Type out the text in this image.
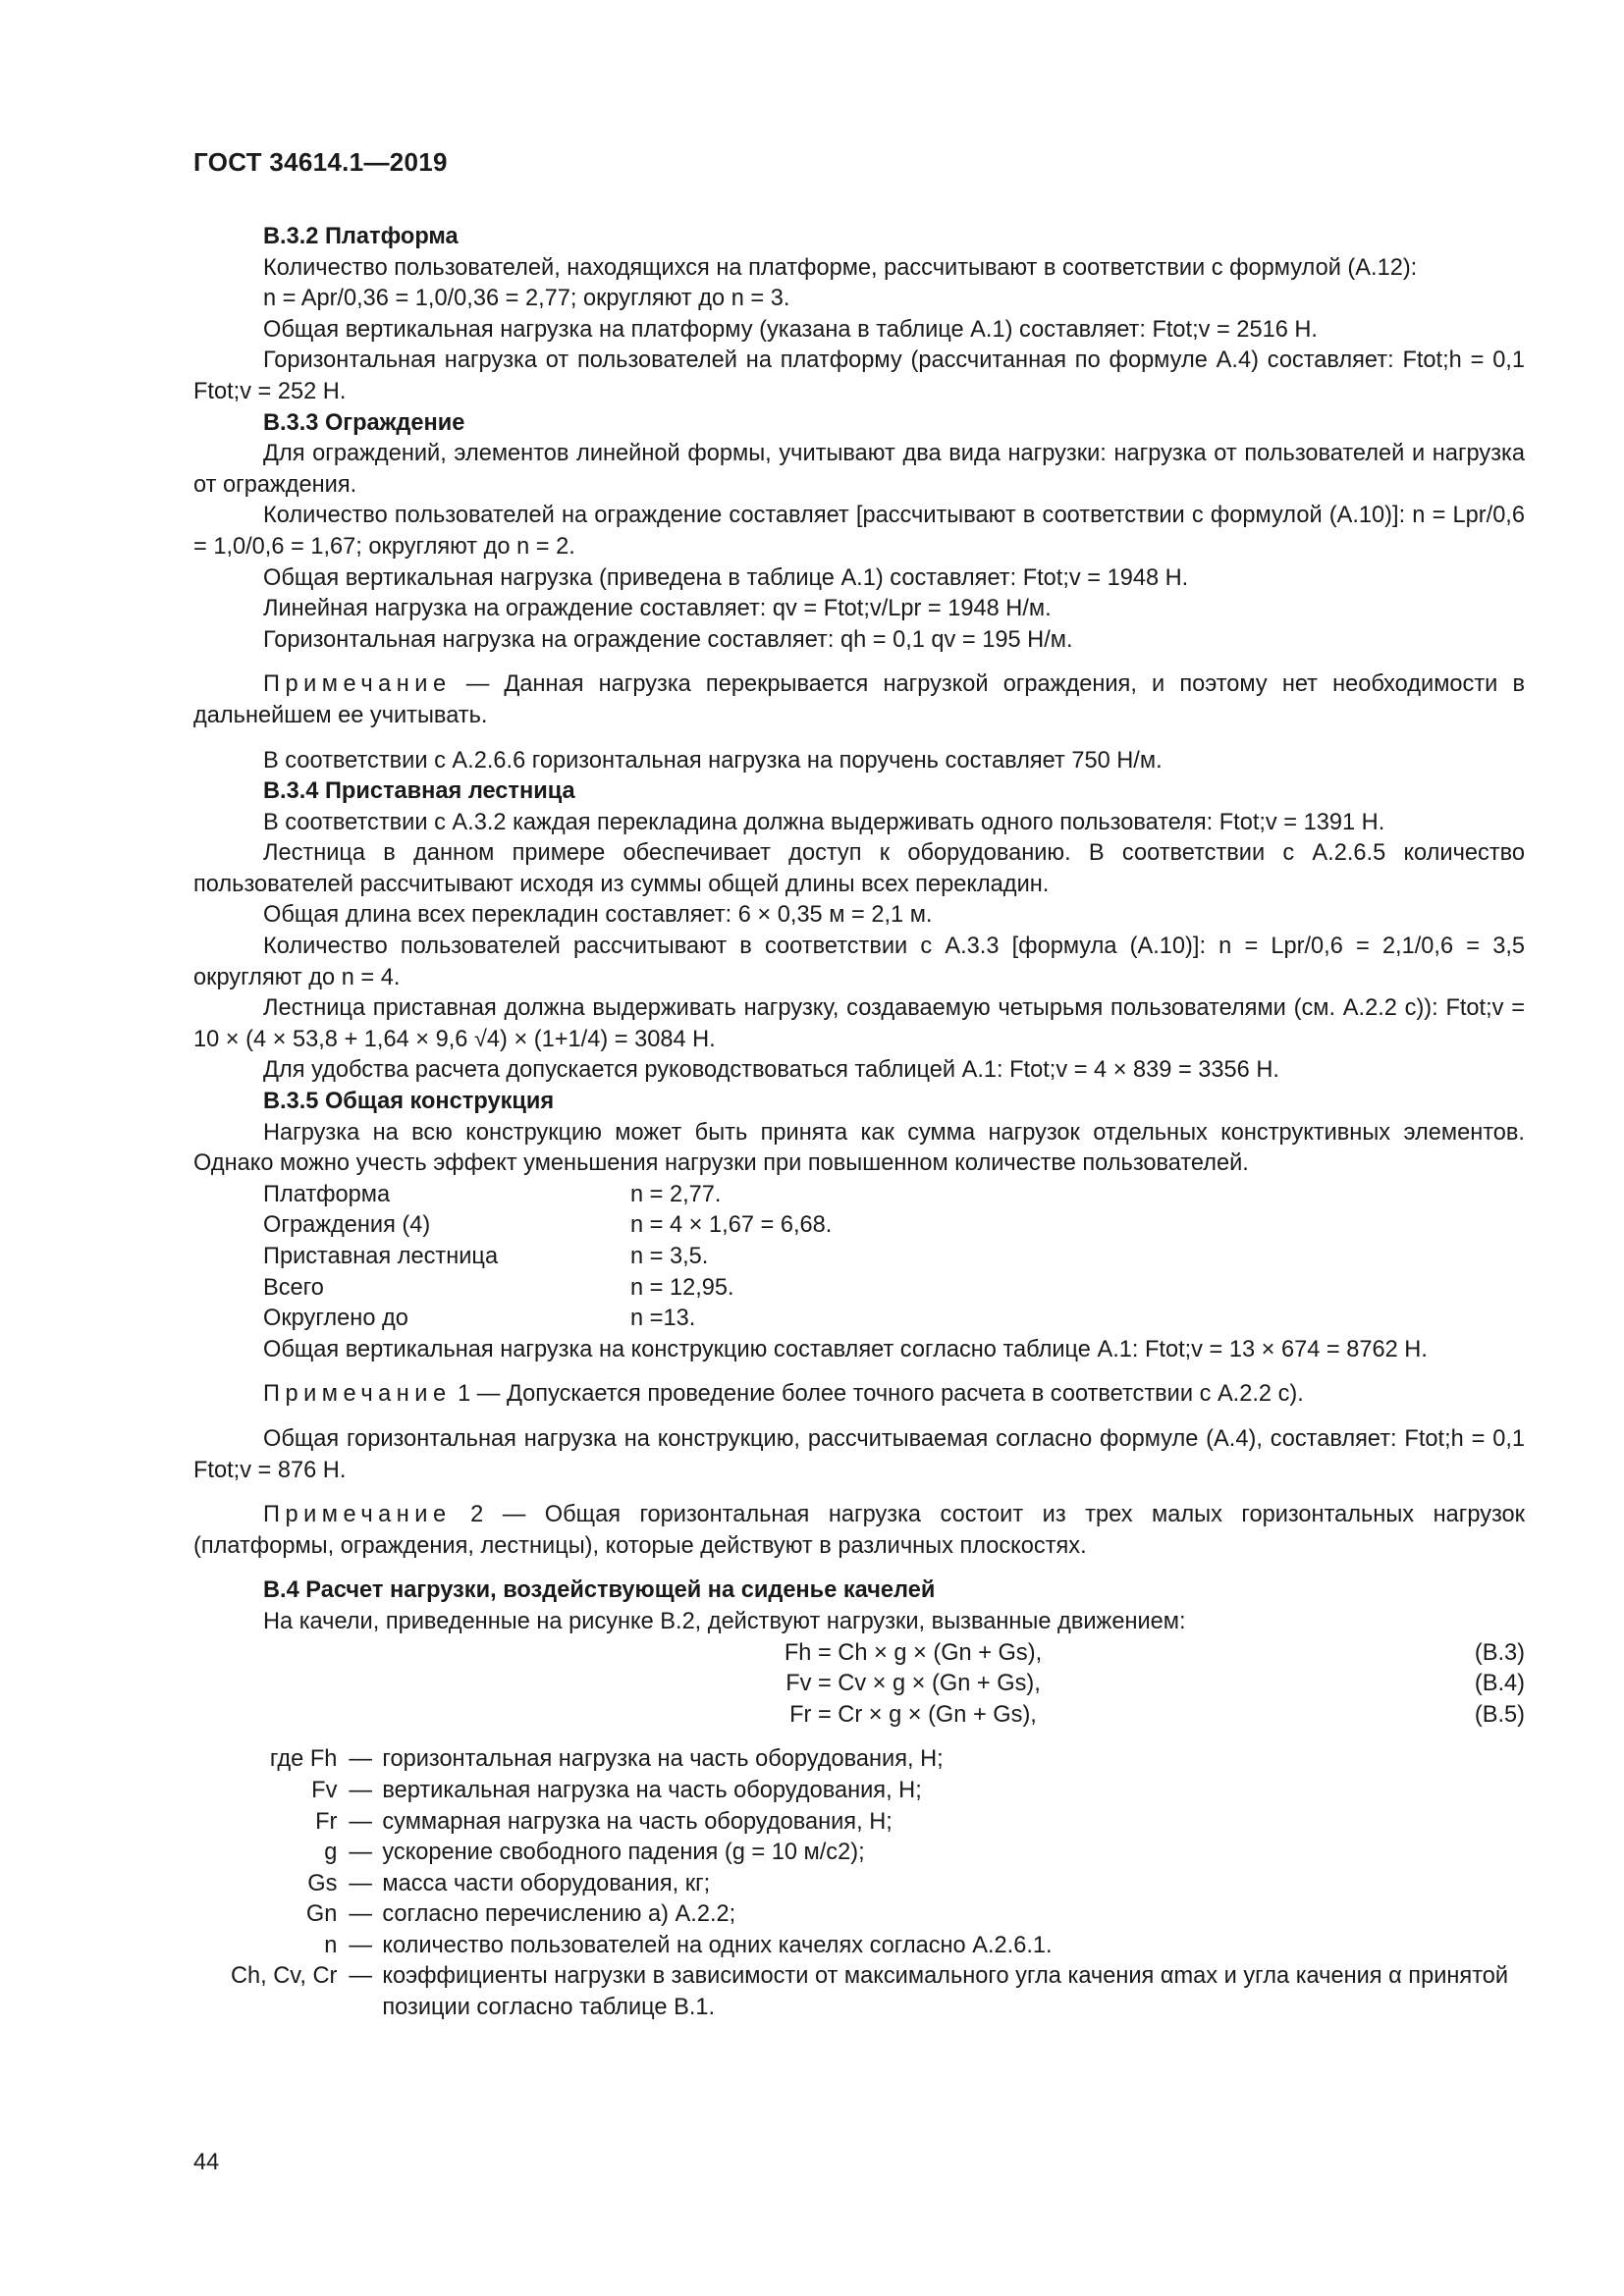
ГОСТ 34614.1—2019

В.3.2 Платформа

Количество пользователей, находящихся на платформе, рассчитывают в соответствии с формулой (А.12):

n = Apr/0,36 = 1,0/0,36 = 2,77; округляют до n = 3.

Общая вертикальная нагрузка на платформу (указана в таблице А.1) составляет: Ftot;v = 2516 Н.

Горизонтальная нагрузка от пользователей на платформу (рассчитанная по формуле А.4) составляет: Ftot;h = 0,1 Ftot;v = 252 Н.

В.3.3 Ограждение

Для ограждений, элементов линейной формы, учитывают два вида нагрузки: нагрузка от пользователей и нагрузка от ограждения.

Количество пользователей на ограждение составляет [рассчитывают в соответствии с формулой (А.10)]: n = Lpr/0,6 = 1,0/0,6 = 1,67; округляют до n = 2.

Общая вертикальная нагрузка (приведена в таблице А.1) составляет: Ftot;v = 1948 Н.

Линейная нагрузка на ограждение составляет: qv = Ftot;v/Lpr = 1948 Н/м.

Горизонтальная нагрузка на ограждение составляет: qh = 0,1 qv = 195 Н/м.

Примечание — Данная нагрузка перекрывается нагрузкой ограждения, и поэтому нет необходимости в дальнейшем ее учитывать.

В соответствии с А.2.6.6 горизонтальная нагрузка на поручень составляет 750 Н/м.

В.3.4 Приставная лестница

В соответствии с А.3.2 каждая перекладина должна выдерживать одного пользователя: Ftot;v = 1391 Н.

Лестница в данном примере обеспечивает доступ к оборудованию. В соответствии с А.2.6.5 количество пользователей рассчитывают исходя из суммы общей длины всех перекладин.

Общая длина всех перекладин составляет: 6 × 0,35 м = 2,1 м.

Количество пользователей рассчитывают в соответствии с А.3.3 [формула (А.10)]: n = Lpr/0,6 = 2,1/0,6 = 3,5 округляют до n = 4.

Лестница приставная должна выдерживать нагрузку, создаваемую четырьмя пользователями (см. А.2.2 c)): Ftot;v = 10 × (4 × 53,8 + 1,64 × 9,6 √4) × (1+1/4) = 3084 Н.

Для удобства расчета допускается руководствоваться таблицей А.1: Ftot;v = 4 × 839 = 3356 Н.

В.3.5 Общая конструкция

Нагрузка на всю конструкцию может быть принята как сумма нагрузок отдельных конструктивных элементов. Однако можно учесть эффект уменьшения нагрузки при повышенном количестве пользователей.

Платформа	n = 2,77.
Ограждения (4)	n = 4 × 1,67 = 6,68.
Приставная лестница	n = 3,5.
Всего	n = 12,95.
Округлено до	n =13.

Общая вертикальная нагрузка на конструкцию составляет согласно таблице А.1: Ftot;v = 13 × 674 = 8762 Н.

Примечание 1 — Допускается проведение более точного расчета в соответствии с А.2.2 c).

Общая горизонтальная нагрузка на конструкцию, рассчитываемая согласно формуле (А.4), составляет: Ftot;h = 0,1 Ftot;v = 876 Н.

Примечание 2 — Общая горизонтальная нагрузка состоит из трех малых горизонтальных нагрузок (платформы, ограждения, лестницы), которые действуют в различных плоскостях.

В.4 Расчет нагрузки, воздействующей на сиденье качелей

На качели, приведенные на рисунке В.2, действуют нагрузки, вызванные движением:

Fh = Ch × g × (Gn + Gs),	(В.3)
Fv = Cv × g × (Gn + Gs),	(В.4)
Fr = Cr × g × (Gn + Gs),	(В.5)
где Fh	—	горизонтальная нагрузка на часть оборудования, Н;
Fv	—	вертикальная нагрузка на часть оборудования, Н;
Fr	—	суммарная нагрузка на часть оборудования, Н;
g	—	ускорение свободного падения (g = 10 м/с2);
Gs	—	масса части оборудования, кг;
Gn	—	согласно перечислению a) А.2.2;
n	—	количество пользователей на одних качелях согласно А.2.6.1.
Ch, Cv, Cr	—	коэффициенты нагрузки в зависимости от максимального угла качения αmax и угла качения α принятой позиции согласно таблице В.1.
44
